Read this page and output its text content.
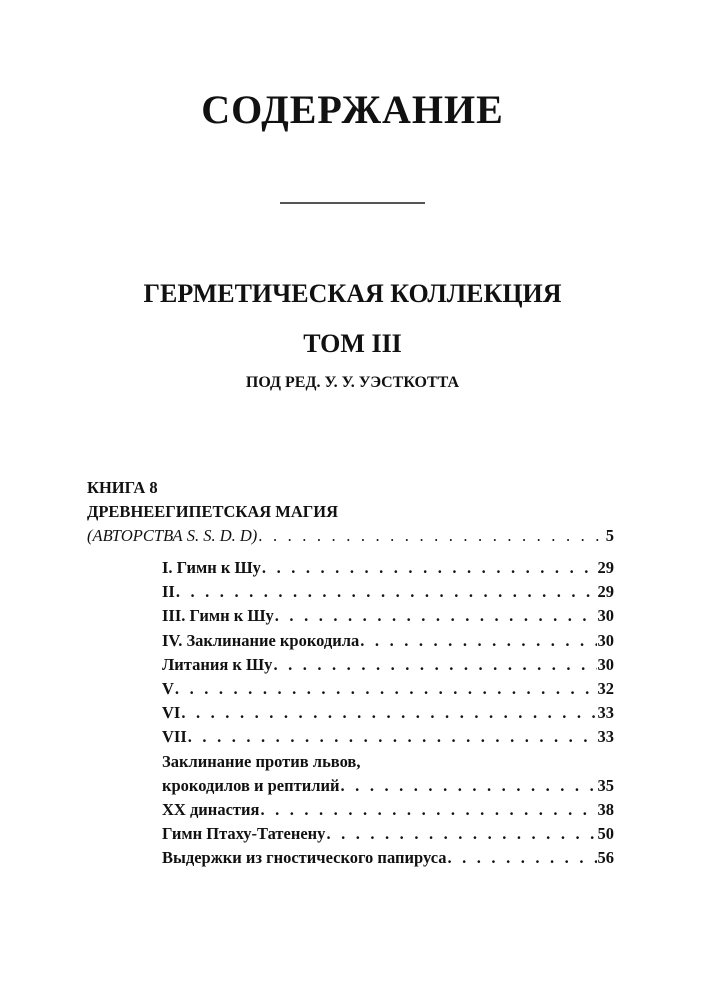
СОДЕРЖАНИЕ
ГЕРМЕТИЧЕСКАЯ КОЛЛЕКЦИЯ
ТОМ III
ПОД РЕД. У. У. УЭСТКОТТА
КНИГА 8
ДРЕВНЕЕГИПЕТСКАЯ МАГИЯ
(АВТОРСТВА S. S. D. D) . . .	5
I. Гимн к Шу . . .	29
II . . .	29
III. Гимн к Шу . . .	30
IV. Заклинание крокодила . . .	30
Литания к Шу . . .	30
V . . .	32
VI . . .	33
VII . . .	33
Заклинание против львов,
крокодилов и рептилий . . .	35
XX династия . . .	38
Гимн Птаху-Татенену . . .	50
Выдержки из гностического папируса . . .	56
